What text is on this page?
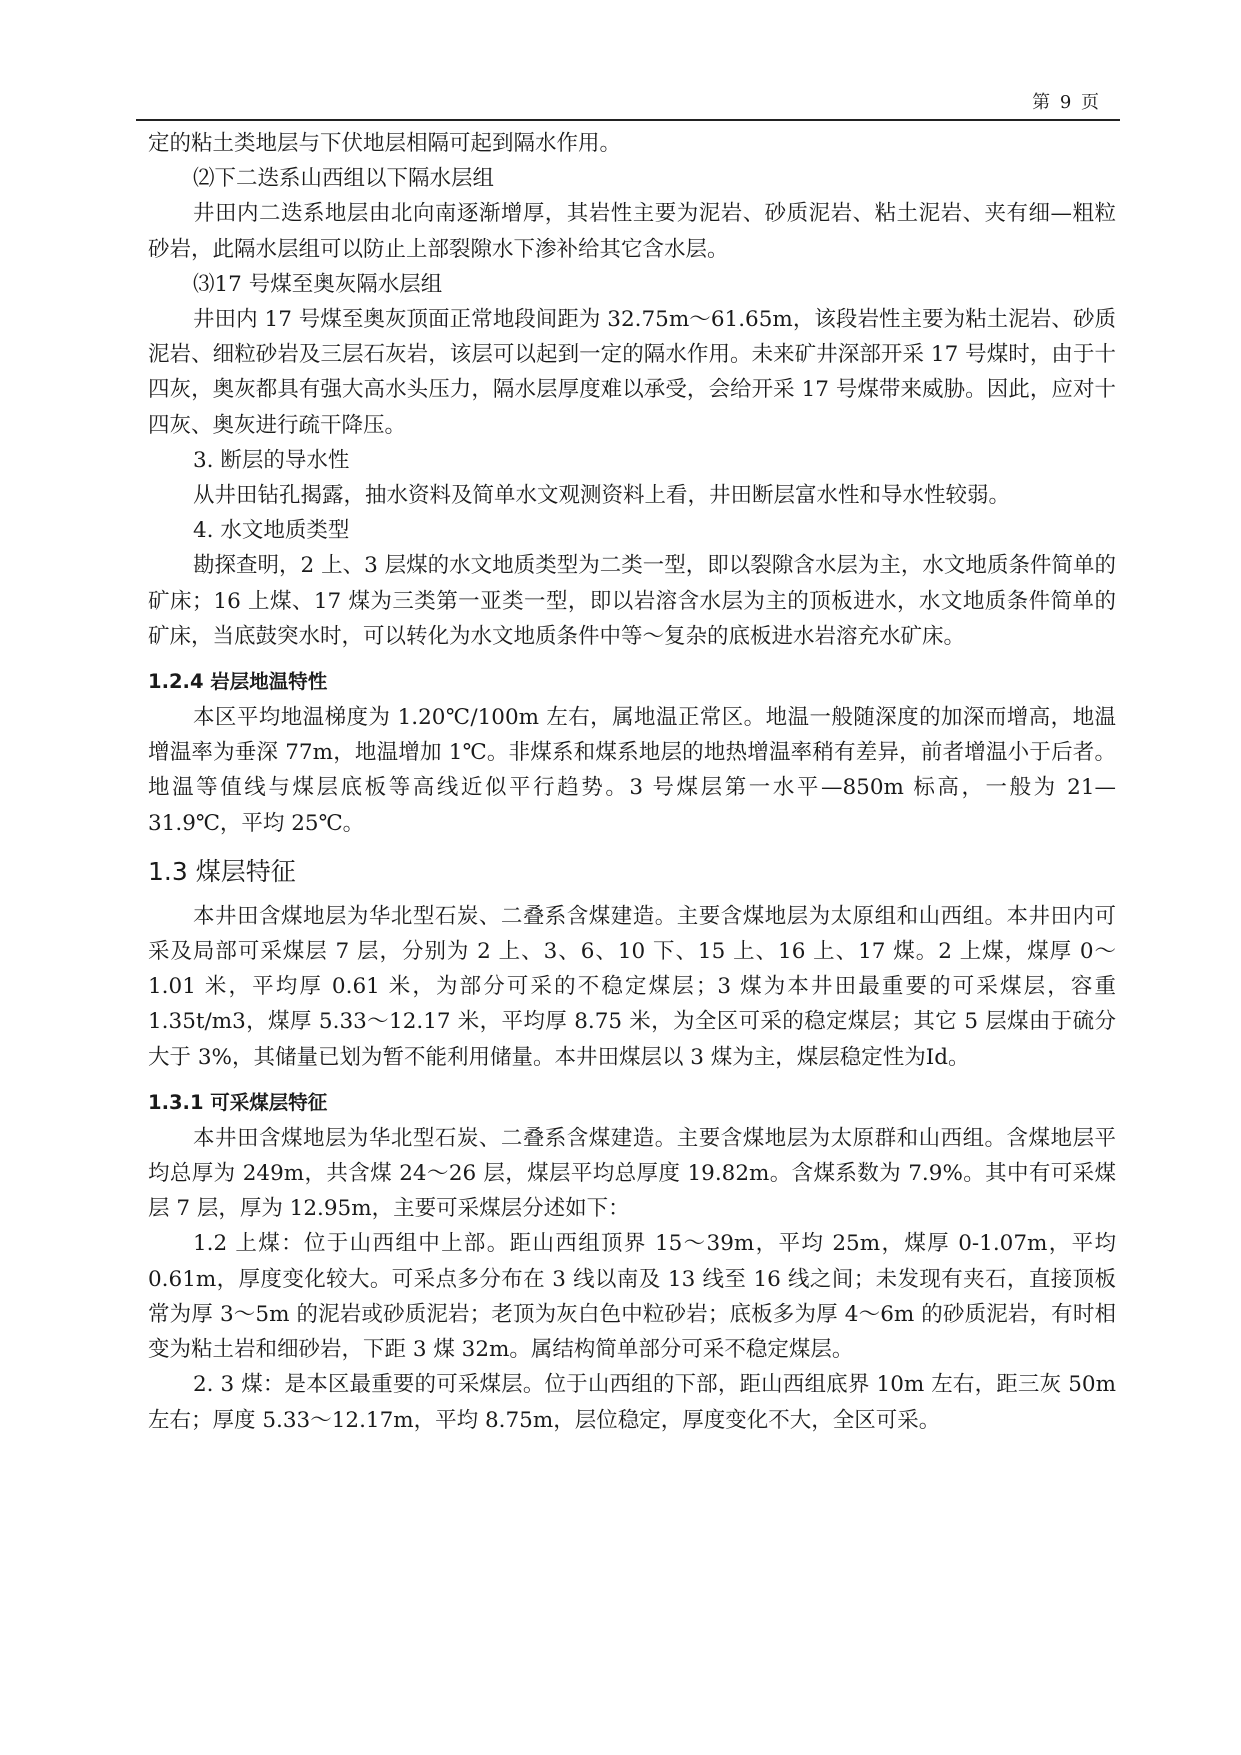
第 9 页

定的粘土类地层与下伏地层相隔可起到隔水作用。

⑵下二迭系山西组以下隔水层组

井田内二迭系地层由北向南逐渐增厚，其岩性主要为泥岩、砂质泥岩、粘土泥岩、夹有细—粗粒砂岩，此隔水层组可以防止上部裂隙水下渗补给其它含水层。

⑶17 号煤至奥灰隔水层组

井田内 17 号煤至奥灰顶面正常地段间距为 32.75m～61.65m，该段岩性主要为粘土泥岩、砂质泥岩、细粒砂岩及三层石灰岩，该层可以起到一定的隔水作用。未来矿井深部开采 17 号煤时，由于十四灰，奥灰都具有强大高水头压力，隔水层厚度难以承受，会给开采 17 号煤带来威胁。因此，应对十四灰、奥灰进行疏干降压。

3. 断层的导水性

从井田钻孔揭露，抽水资料及简单水文观测资料上看，井田断层富水性和导水性较弱。

4. 水文地质类型

勘探查明，2 上、3 层煤的水文地质类型为二类一型，即以裂隙含水层为主，水文地质条件简单的矿床；16 上煤、17 煤为三类第一亚类一型，即以岩溶含水层为主的顶板进水，水文地质条件简单的矿床，当底鼓突水时，可以转化为水文地质条件中等～复杂的底板进水岩溶充水矿床。

1.2.4 岩层地温特性

本区平均地温梯度为 1.20℃/100m 左右，属地温正常区。地温一般随深度的加深而增高，地温增温率为垂深 77m，地温增加 1℃。非煤系和煤系地层的地热增温率稍有差异，前者增温小于后者。地温等值线与煤层底板等高线近似平行趋势。3 号煤层第一水平—850m 标高，一般为 21—31.9℃，平均 25℃。

1.3 煤层特征

本井田含煤地层为华北型石炭、二叠系含煤建造。主要含煤地层为太原组和山西组。本井田内可采及局部可采煤层 7 层，分别为 2 上、3、6、10 下、15 上、16 上、17 煤。2 上煤，煤厚 0～1.01 米，平均厚 0.61 米，为部分可采的不稳定煤层；3 煤为本井田最重要的可采煤层，容重 1.35t/m3，煤厚 5.33～12.17 米，平均厚 8.75 米，为全区可采的稳定煤层；其它 5 层煤由于硫分大于 3%，其储量已划为暂不能利用储量。本井田煤层以 3 煤为主，煤层稳定性为Ⅰd。

1.3.1 可采煤层特征

本井田含煤地层为华北型石炭、二叠系含煤建造。主要含煤地层为太原群和山西组。含煤地层平均总厚为 249m，共含煤 24～26 层，煤层平均总厚度 19.82m。含煤系数为 7.9%。其中有可采煤层 7 层，厚为 12.95m，主要可采煤层分述如下：

1.2 上煤：位于山西组中上部。距山西组顶界 15～39m，平均 25m，煤厚 0-1.07m，平均 0.61m，厚度变化较大。可采点多分布在 3 线以南及 13 线至 16 线之间；未发现有夹石，直接顶板常为厚 3～5m 的泥岩或砂质泥岩；老顶为灰白色中粒砂岩；底板多为厚 4～6m 的砂质泥岩，有时相变为粘土岩和细砂岩，下距 3 煤 32m。属结构简单部分可采不稳定煤层。

2. 3 煤：是本区最重要的可采煤层。位于山西组的下部，距山西组底界 10m 左右，距三灰 50m 左右；厚度 5.33～12.17m，平均 8.75m，层位稳定，厚度变化不大，全区可采。
